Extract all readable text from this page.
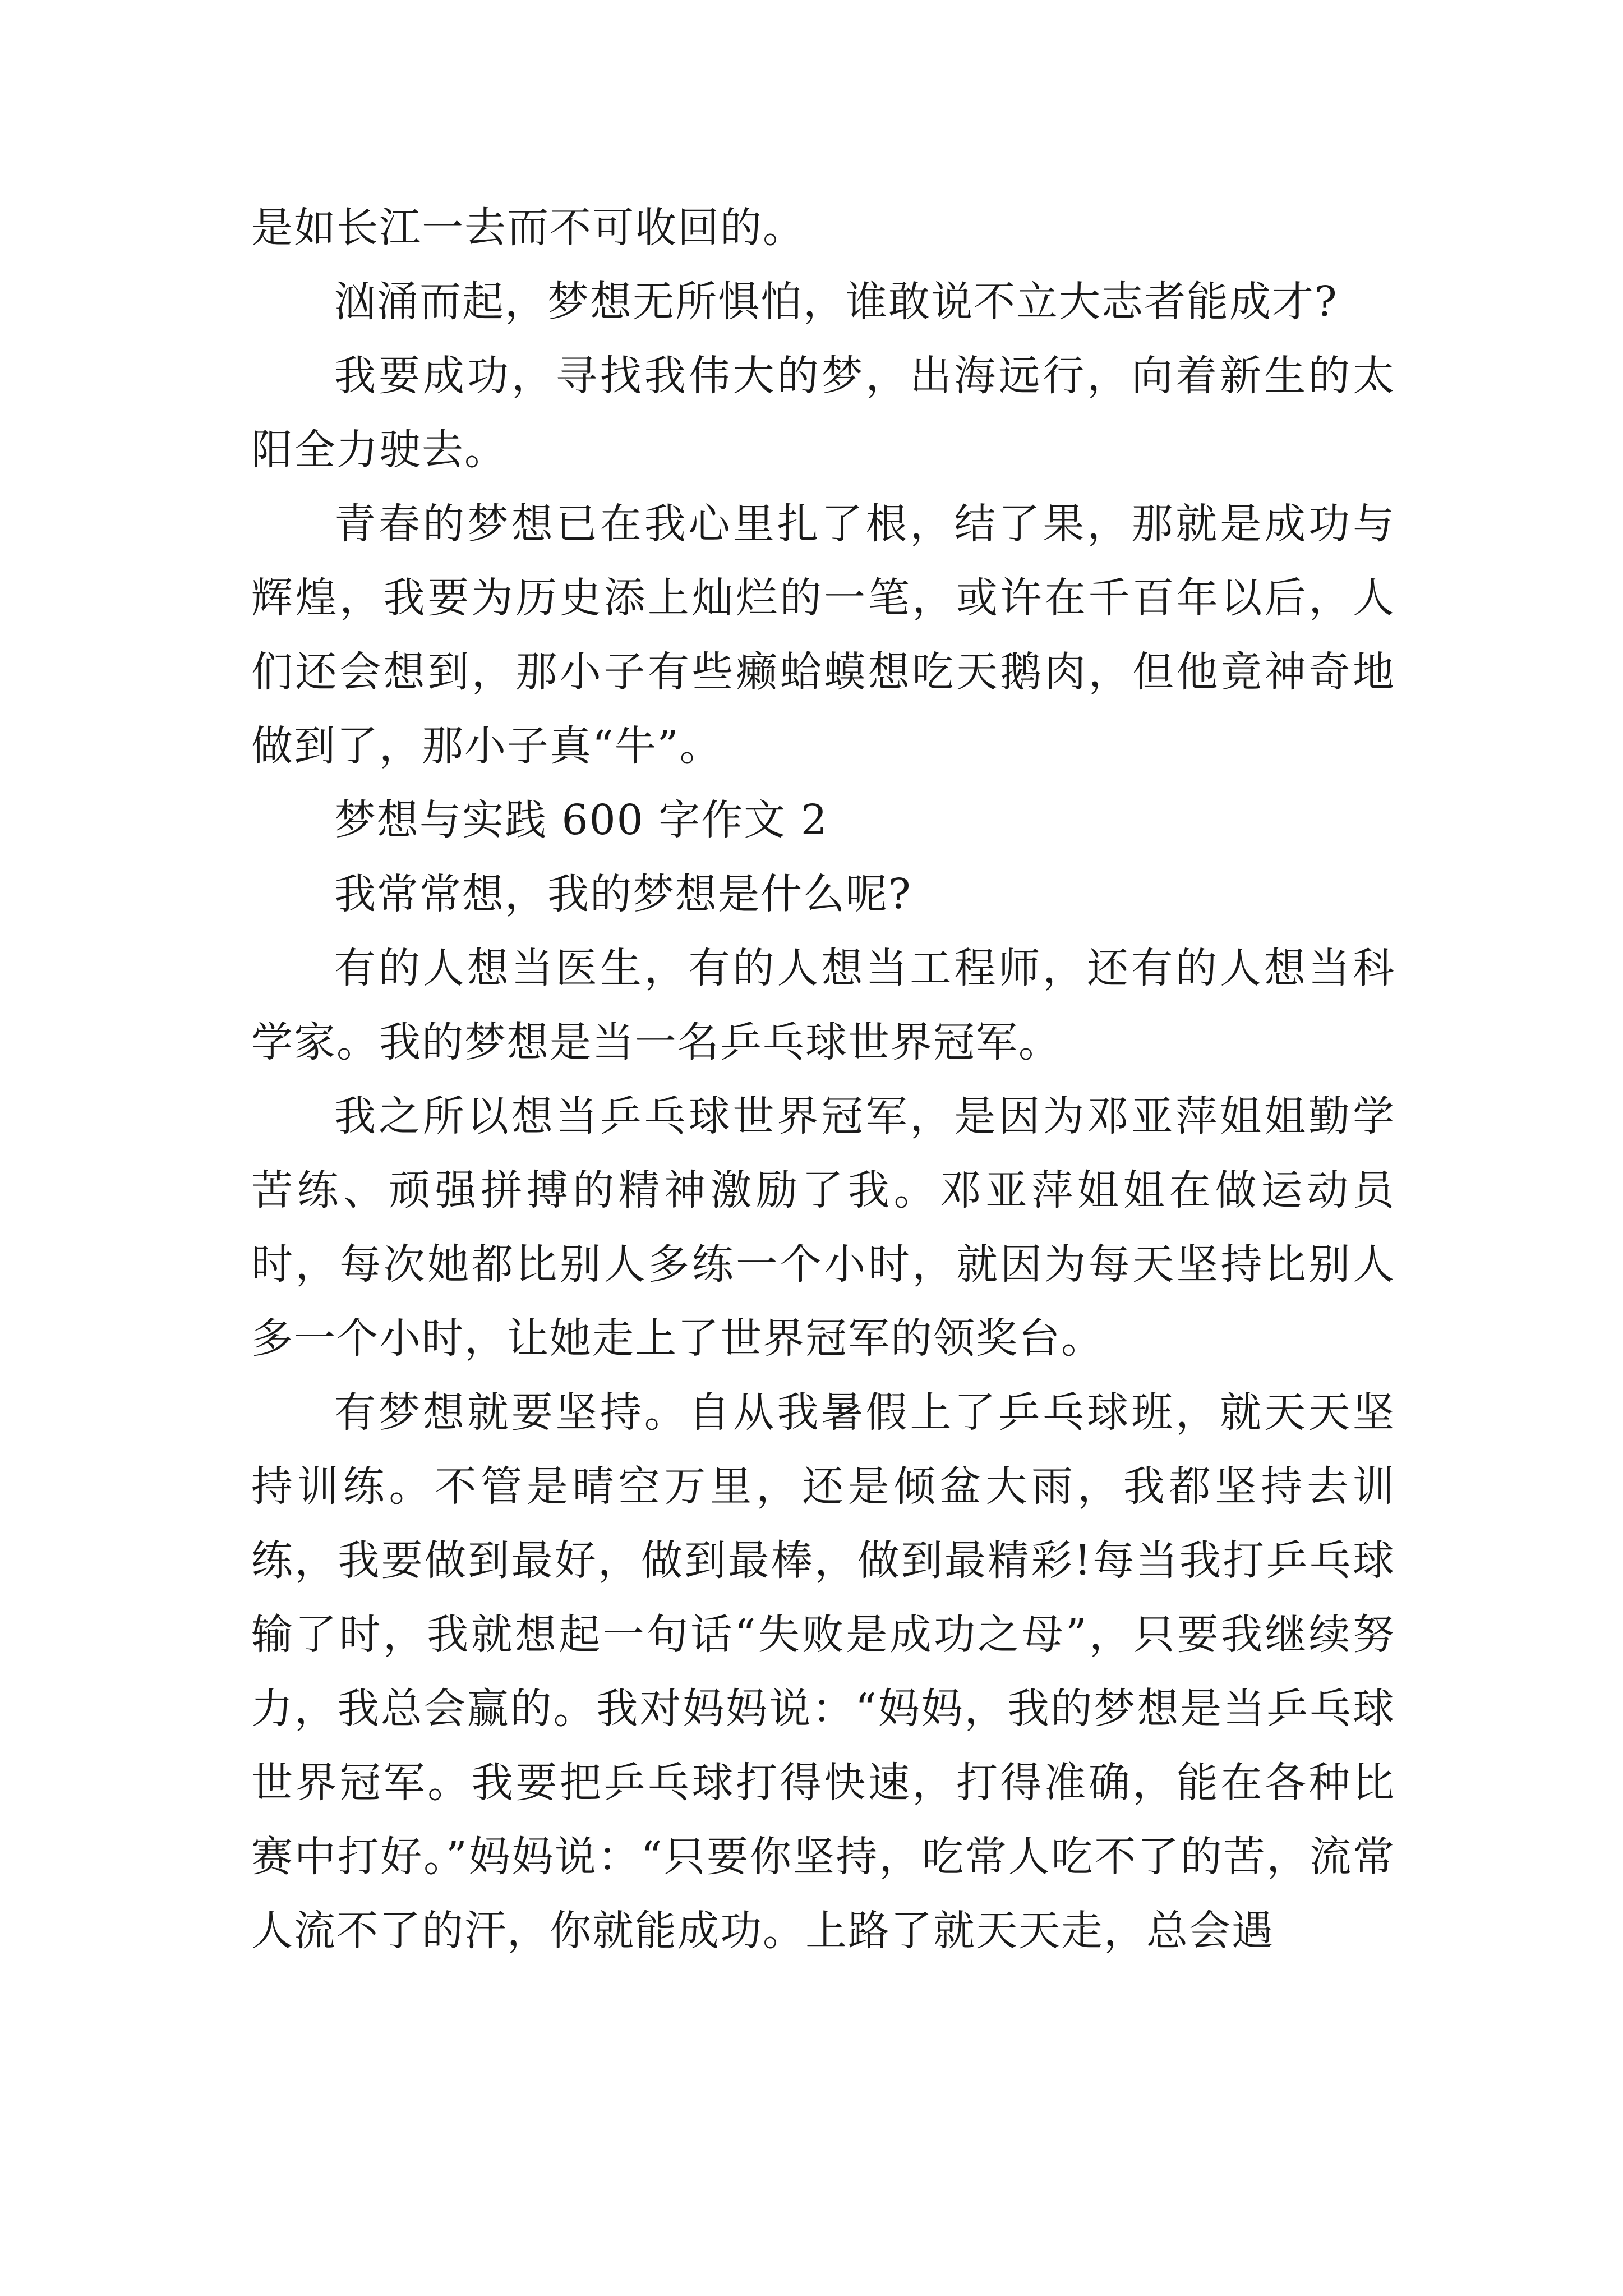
是如长江一去而不可收回的。

汹涌而起，梦想无所惧怕，谁敢说不立大志者能成才?

我要成功，寻找我伟大的梦，出海远行，向着新生的太阳全力驶去。

青春的梦想已在我心里扎了根，结了果，那就是成功与辉煌，我要为历史添上灿烂的一笔，或许在千百年以后，人们还会想到，那小子有些癞蛤蟆想吃天鹅肉，但他竟神奇地做到了，那小子真“牛”。

梦想与实践 600 字作文 2

我常常想，我的梦想是什么呢?

有的人想当医生，有的人想当工程师，还有的人想当科学家。我的梦想是当一名乒乓球世界冠军。

我之所以想当乒乓球世界冠军，是因为邓亚萍姐姐勤学苦练、顽强拼搏的精神激励了我。邓亚萍姐姐在做运动员时，每次她都比别人多练一个小时，就因为每天坚持比别人多一个小时，让她走上了世界冠军的领奖台。

有梦想就要坚持。自从我暑假上了乒乓球班，就天天坚持训练。不管是晴空万里，还是倾盆大雨，我都坚持去训练，我要做到最好，做到最棒，做到最精彩!每当我打乒乓球输了时，我就想起一句话“失败是成功之母”，只要我继续努力，我总会赢的。我对妈妈说：“妈妈，我的梦想是当乒乓球世界冠军。我要把乒乓球打得快速，打得准确，能在各种比赛中打好。”妈妈说：“只要你坚持，吃常人吃不了的苦，流常人流不了的汗，你就能成功。上路了就天天走，总会遇
